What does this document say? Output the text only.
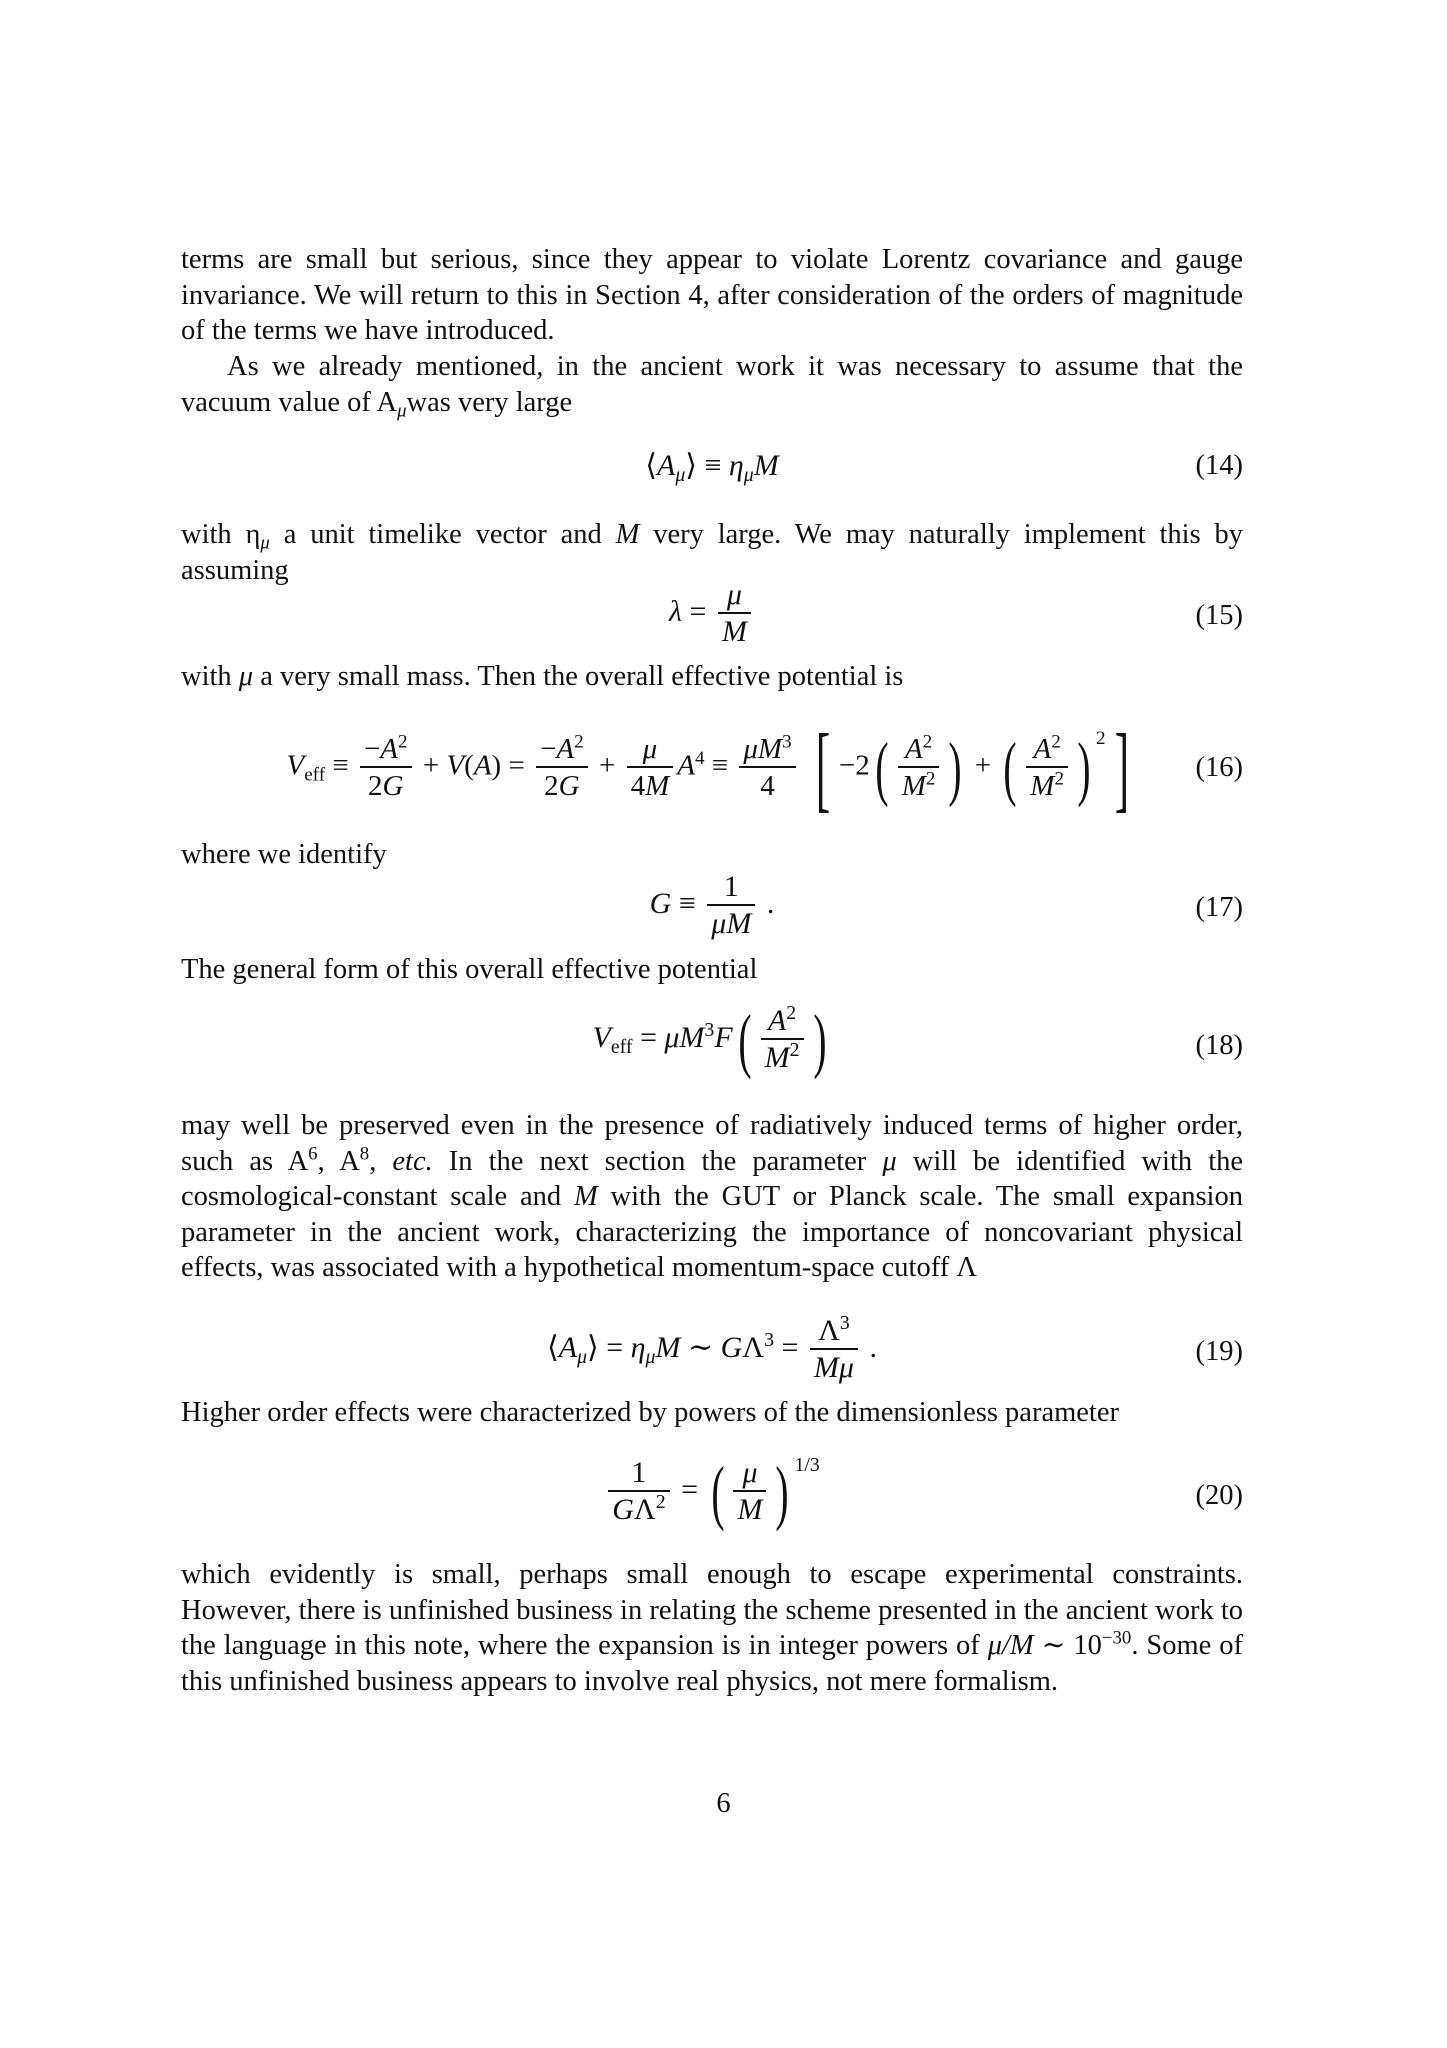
terms are small but serious, since they appear to violate Lorentz covariance and gauge invariance. We will return to this in Section 4, after consideration of the orders of magnitude of the terms we have introduced.

As we already mentioned, in the ancient work it was necessary to assume that the vacuum value of $A_\mu was$ very large

$⟨A_\mu⟩ \equiv \eta_\mu M$	(14)

with $\eta_\mu$ a unit timelike vector and M very large. We may naturally implement this by assuming

$\lambda = \frac{\mu}{M}$	(15)

with μ a very small mass. Then the overall effective potential is

$V_{eff} \equiv \frac{-A^2}{2G} + V(A) = \frac{-A^2}{2G} + \frac{\mu}{4M} A^4 \equiv \frac{\mu M^3}{4}$ [ $-2( \frac{A^2}{M^2}$ ) + ( $\frac{A^2}{M^2}$ ) $^2$]	(16)

where we identify

$G \equiv \frac{1}{\mu M}$ .	(17)

The general form of this overall effective potential

$V_{eff} = \mu M^3F( \frac{A^2}{M^2}$ )	(18)

may well be preserved even in the presence of radiatively induced terms of higher order, such as $A^6$, $A^8$, etc. In the next section the parameter μ will be identified with the cosmological-constant scale and M with the GUT or Planck scale. The small expansion parameter in the ancient work, characterizing the importance of noncovariant physical effects, was associated with a hypothetical momentum-space cutoff Λ

$⟨A_\mu⟩ = \eta_\mu M$ ∼ $G\Lambda^3 = \frac{\Lambda^3}{M\mu}$ .	(19)

Higher order effects were characterized by powers of the dimensionless parameter

$\frac{1}{G\Lambda^2}$ = ( $\frac{\mu}{M}$ ) $^{1/3}$
(20)

which evidently is small, perhaps small enough to escape experimental constraints. However, there is unfinished business in relating the scheme presented in the ancient work to the language in this note, where the expansion is in integer powers of μ/M ∼ $10^{-30}$. Some of this unfinished business appears to involve real physics, not mere formalism.

6
